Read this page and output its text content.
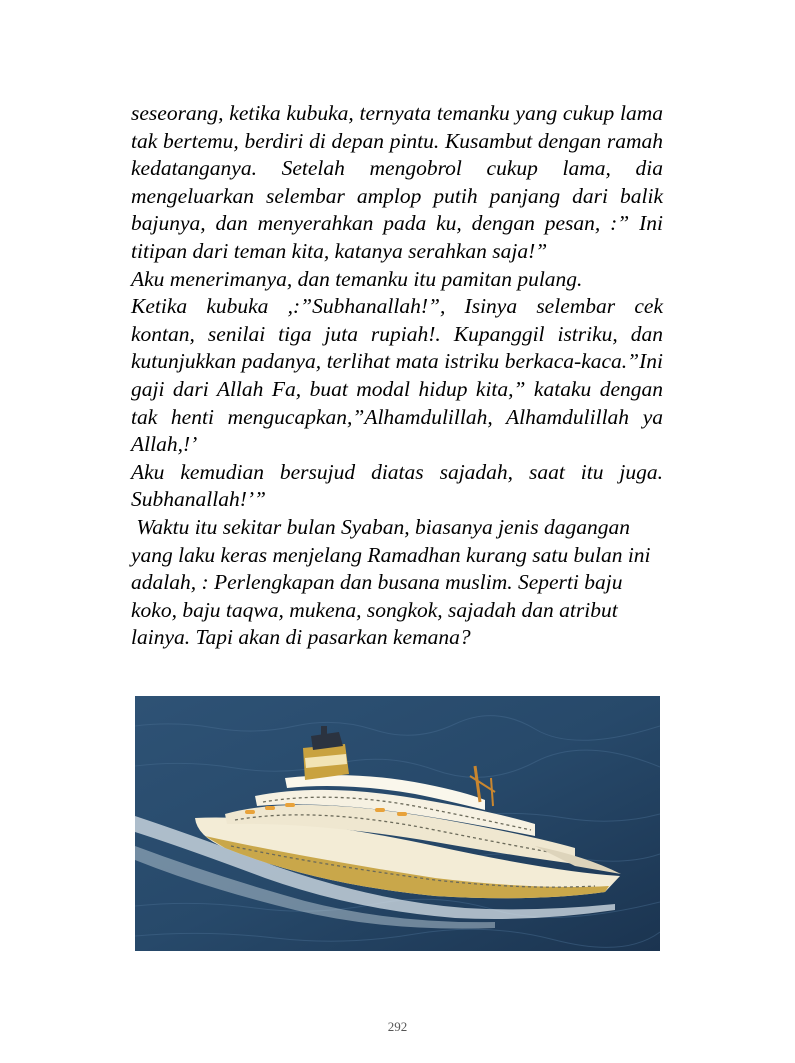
seseorang, ketika kubuka, ternyata temanku yang cukup lama tak bertemu, berdiri di depan pintu. Kusambut dengan ramah kedatanganya. Setelah mengobrol cukup lama, dia mengeluarkan selembar amplop putih panjang dari balik bajunya, dan menyerahkan pada ku, dengan pesan, :” Ini titipan dari teman kita, katanya serahkan saja!”

Aku menerimanya, dan temanku itu pamitan pulang.

Ketika kubuka ,:”Subhanallah!”, Isinya selembar cek kontan, senilai tiga juta rupiah!. Kupanggil istriku, dan kutunjukkan padanya, terlihat mata istriku berkaca-kaca.”Ini gaji dari Allah Fa, buat modal hidup kita,” kataku dengan tak henti mengucapkan,”Alhamdulillah, Alhamdulillah ya Allah,!’

Aku kemudian bersujud diatas sajadah, saat itu juga. Subhanallah!’”

Waktu itu sekitar bulan Syaban, biasanya jenis dagangan yang laku keras menjelang Ramadhan kurang satu bulan ini adalah, : Perlengkapan dan busana muslim. Seperti baju koko, baju taqwa, mukena, songkok, sajadah dan atribut lainya. Tapi akan di pasarkan kemana?

292
